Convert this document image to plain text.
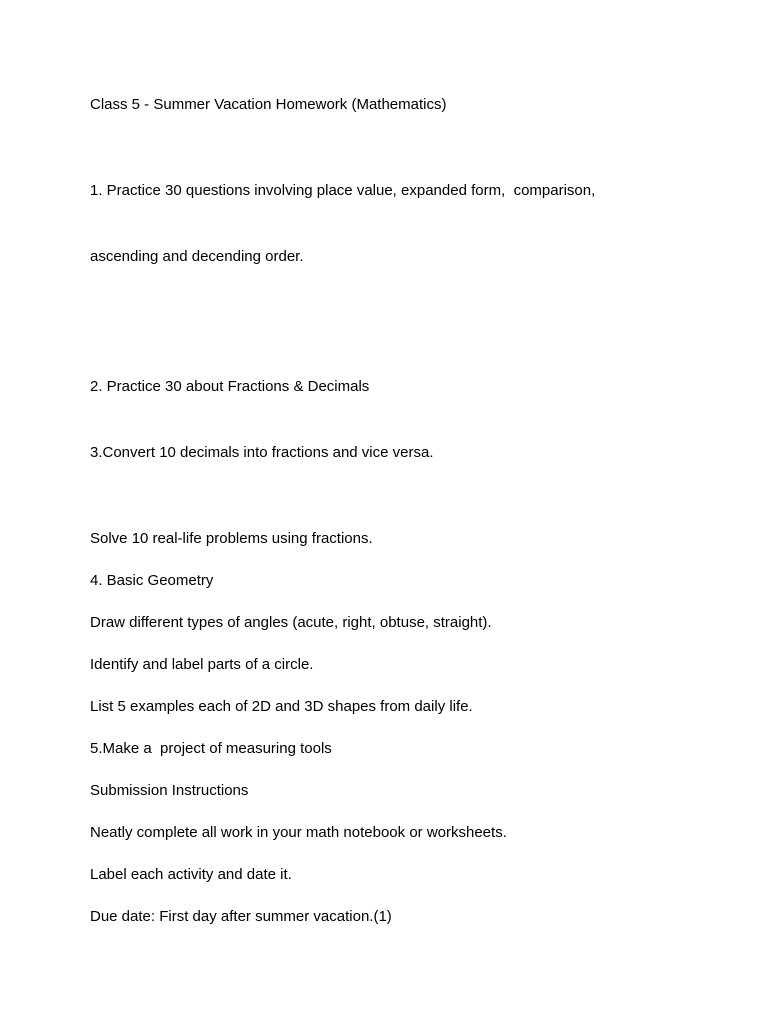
Class 5 - Summer Vacation Homework (Mathematics)

1. Practice 30 questions involving place value, expanded form,  comparison,

ascending and decending order.

2. Practice 30 about Fractions & Decimals

3.Convert 10 decimals into fractions and vice versa.

Solve 10 real-life problems using fractions.

4. Basic Geometry

Draw different types of angles (acute, right, obtuse, straight).

Identify and label parts of a circle.

List 5 examples each of 2D and 3D shapes from daily life.

5.Make a  project of measuring tools

Submission Instructions

Neatly complete all work in your math notebook or worksheets.

Label each activity and date it.

Due date: First day after summer vacation.(1)
